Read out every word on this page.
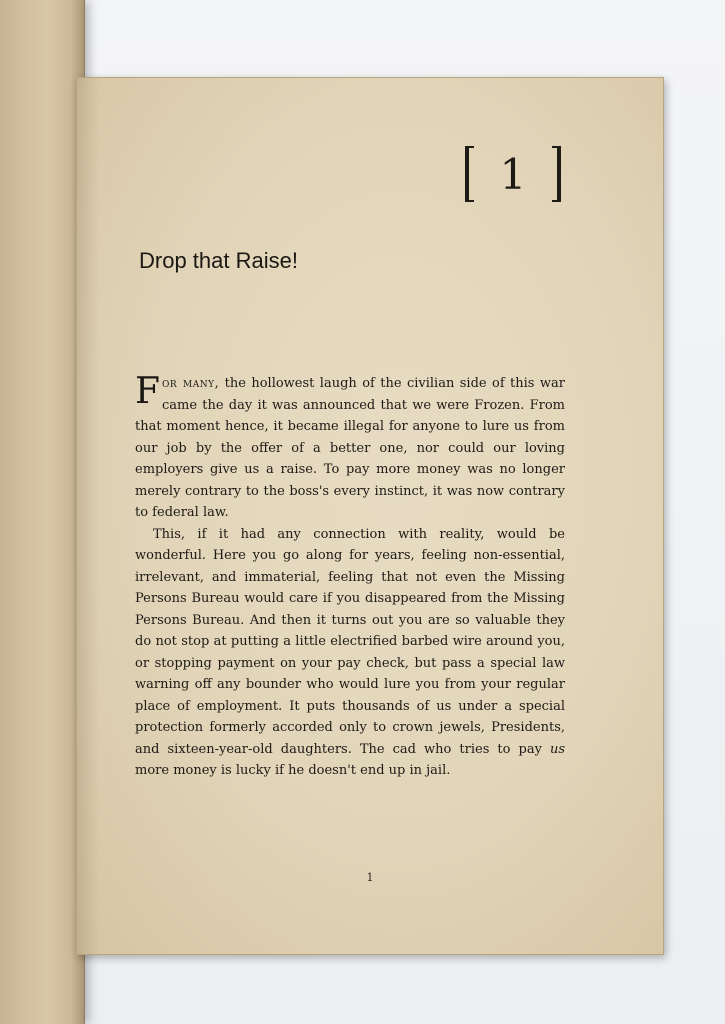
1
Drop that Raise!

For many, the hollowest laugh of the civilian side of this war came the day it was announced that we were Frozen. From that moment hence, it became illegal for anyone to lure us from our job by the offer of a better one, nor could our loving employers give us a raise. To pay more money was no longer merely contrary to the boss's every instinct, it was now contrary to federal law.

This, if it had any connection with reality, would be wonderful. Here you go along for years, feeling non-essential, irrelevant, and immaterial, feeling that not even the Missing Persons Bureau would care if you disappeared from the Missing Persons Bureau. And then it turns out you are so valuable they do not stop at putting a little electrified barbed wire around you, or stopping payment on your pay check, but pass a special law warning off any bounder who would lure you from your regular place of employment. It puts thousands of us under a special protection formerly accorded only to crown jewels, Presidents, and sixteen-year-old daughters. The cad who tries to pay us more money is lucky if he doesn't end up in jail.

1
